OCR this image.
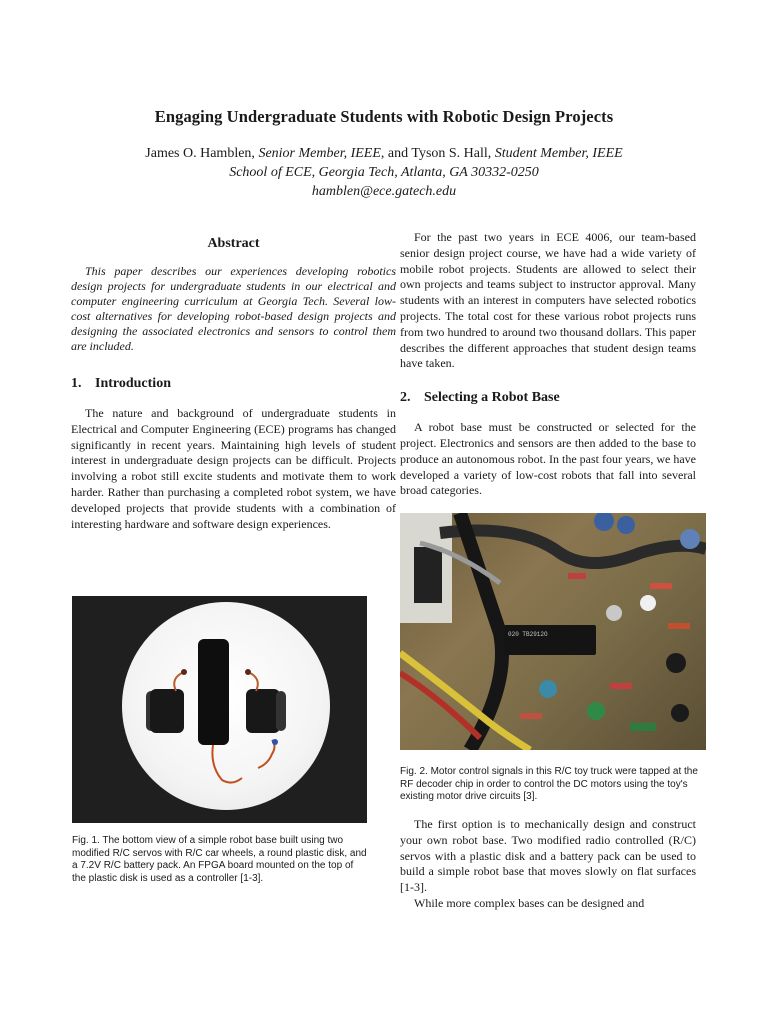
Engaging Undergraduate Students with Robotic Design Projects
James O. Hamblen, Senior Member, IEEE, and Tyson S. Hall, Student Member, IEEE
School of ECE, Georgia Tech, Atlanta, GA 30332-0250
hamblen@ece.gatech.edu
Abstract

This paper describes our experiences developing robotics design projects for undergraduate students in our electrical and computer engineering curriculum at Georgia Tech. Several low-cost alternatives for developing robot-based design projects and designing the associated electronics and sensors to control them are included.

1. Introduction

The nature and background of undergraduate students in Electrical and Computer Engineering (ECE) programs has changed significantly in recent years. Maintaining high levels of student interest in undergraduate design projects can be difficult. Projects involving a robot still excite students and motivate them to work harder. Rather than purchasing a completed robot system, we have developed projects that provide students with a combination of interesting hardware and software design experiences.

Fig. 1. The bottom view of a simple robot base built using two modified R/C servos with R/C car wheels, a round plastic disk, and a 7.2V R/C battery pack. An FPGA board mounted on the top of the plastic disk is used as a controller [1-3].

For the past two years in ECE 4006, our team-based senior design project course, we have had a wide variety of mobile robot projects. Students are allowed to select their own projects and teams subject to instructor approval. Many students with an interest in computers have selected robotics projects. The total cost for these various robot projects runs from two hundred to around two thousand dollars. This paper describes the different approaches that student design teams have taken.

2. Selecting a Robot Base

A robot base must be constructed or selected for the project. Electronics and sensors are then added to the base to produce an autonomous robot. In the past four years, we have developed a variety of low-cost robots that fall into several broad categories.

020 TB2912O

Fig. 2. Motor control signals in this R/C toy truck were tapped at the RF decoder chip in order to control the DC motors using the toy's existing motor drive circuits [3].

The first option is to mechanically design and construct your own robot base. Two modified radio controlled (R/C) servos with a plastic disk and a battery pack can be used to build a simple robot base that moves slowly on flat surfaces [1-3].

While more complex bases can be designed and
